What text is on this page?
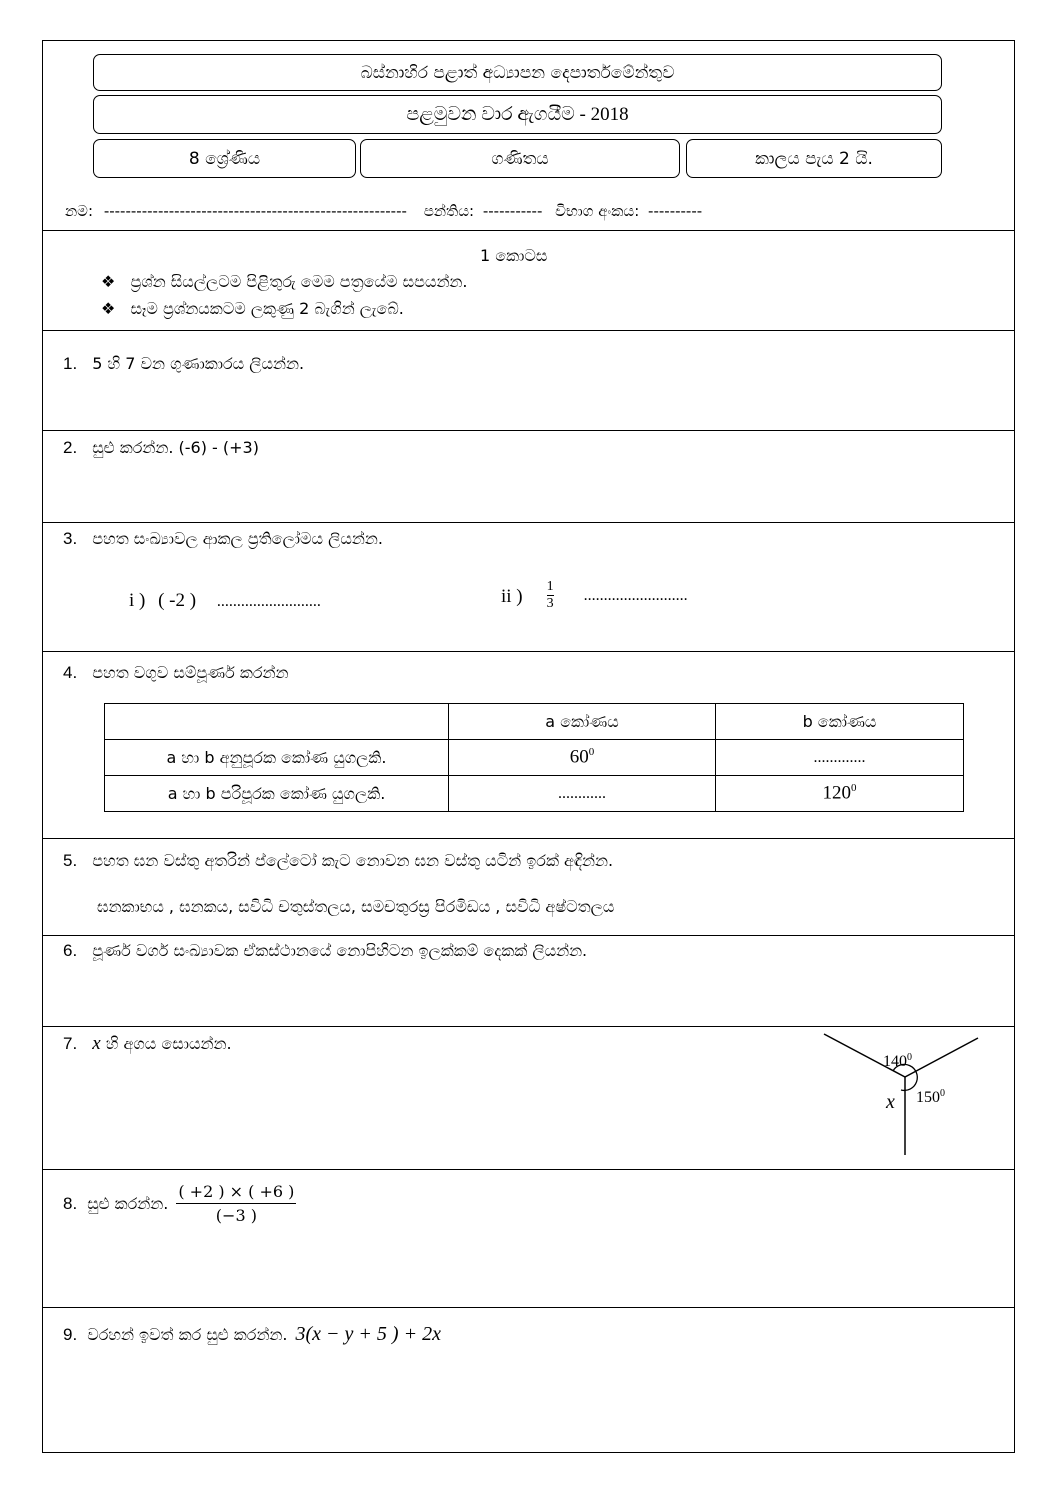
බස්නාහිර පළාත් අධ්‍යාපන දෙපාර්තමේන්තුව
පළමුවන වාර ඇගයීම - 2018
8 ශ්‍රේණිය	ගණිතය	කාලය පැය 2 යි.
නම: -------------------------------------------------------- පන්තිය: ----------- විභාග අංකය: ----------
1 කොටස
❖ ප්‍රශ්න සියල්ලටම පිළිතුරු මෙම පත්‍රයේම සපයන්න.
❖ සෑම ප්‍රශ්නයකටම ලකුණු 2 බැගින් ලැබේ.
1. 5 හි 7 වන ගුණාකාරය ලියන්න.
2. සුළු කරන්න. (-6) - (+3)
3. පහත සංඛ්‍යාවල ආකල ප්‍රතිලෝමය ලියන්න.
i ) ( -2 ) ..........................	ii ) $\frac{1}{3}$ ..........................
4. පහත වගුව සම්පූර්ණ කරන්න
	a කෝණය	b කෝණය
a හා b අනුපූරක කෝණ යුගලකි.	$60^0$	.............
a හා b පරිපූරක කෝණ යුගලකි.	............	$120^0$
5. පහත ඝන වස්තු අතරින් ප්ලේටෝ කැට නොවන ඝන වස්තු යටින් ඉරක් අඳින්න.
ඝනකාභය , ඝනකය, සවිධි චතුස්තලය, සමචතුරස්‍ර පිරමිඩය , සවිධි අෂ්ටතලය
6. පූර්ණ වර්ග සංඛ්‍යාවක ඒකස්ථානයේ නොපිහිටන ඉලක්කම් දෙකක් ලියන්න.
7. x හි අගය සොයන්න.
$140^0$
$150^0$
x
8. සුළු කරන්න. $\frac{( +2 ) \times ( +6 )}{(-3 )}$
9. වරහන් ඉවත් කර සුළු කරන්න. 3(x − y + 5 ) + 2x
